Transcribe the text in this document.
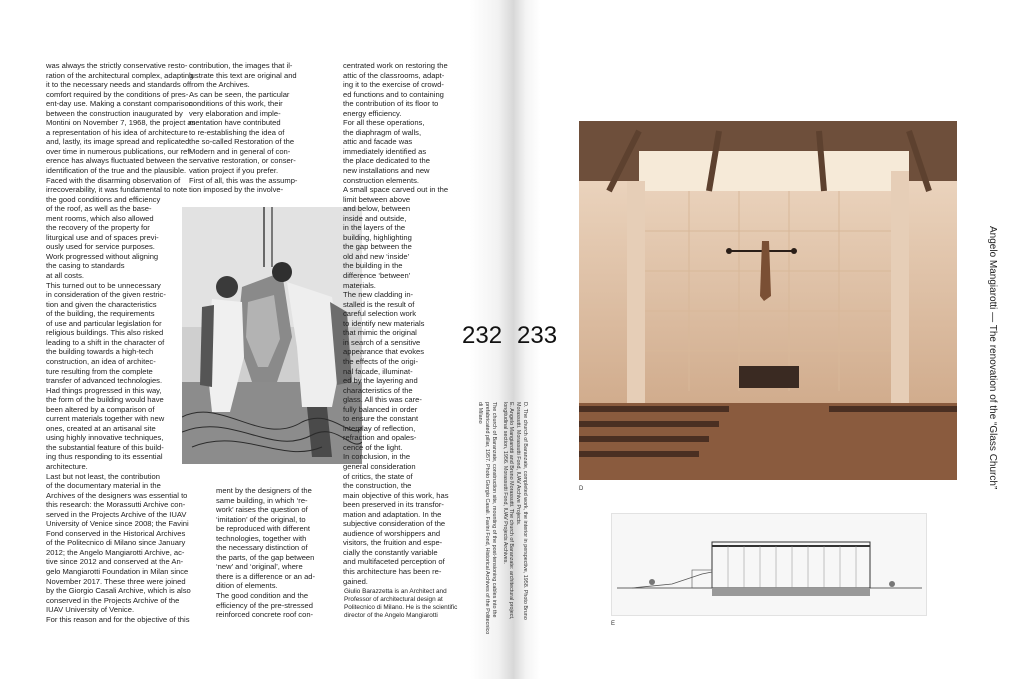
was always the strictly conservative resto-

ration of the architectural complex, adapting

it to the necessary needs and standards of

comfort required by the conditions of pres-

ent-day use. Making a constant comparison

between the construction inaugurated by

Montini on November 7, 1968, the project as

a representation of his idea of architecture

and, lastly, its image spread and replicated

over time in numerous publications, our ref-

erence has always fluctuated between the

identification of the true and the plausible.

Faced with the disarming observation of

irrecoverability, it was fundamental to note

the good conditions and efficiency

of the roof, as well as the base-

ment rooms, which also allowed

the recovery of the property for

liturgical use and of spaces previ-

ously used for service purposes.

Work progressed without aligning

the casing to standards

at all costs.

This turned out to be unnecessary

in consideration of the given restric-

tion and given the characteristics

of the building, the requirements

of use and particular legislation for

religious buildings. This also risked

leading to a shift in the character of

the building towards a high-tech

construction, an idea of architec-

ture resulting from the complete

transfer of advanced technologies.

Had things progressed in this way,

the form of the building would have

been altered by a comparison of

current materials together with new

ones, created at an artisanal site

using highly innovative techniques,

the substantial feature of this build-

ing thus responding to its essential

architecture.

Last but not least, the contribution

of the documentary material in the

Archives of the designers was essential to

this research: the Morassutti Archive con-

served in the Projects Archive of the IUAV

University of Venice since 2008; the Favini

Fond conserved in the Historical Archives

of the Politecnico di Milano since January

2012; the Angelo Mangiarotti Archive, ac-

tive since 2012 and conserved at the An-

gelo Mangiarotti Foundation in Milan since

November 2017. These three were joined

by the Giorgio Casali Archive, which is also

conserved in the Projects Archive of the

IUAV University of Venice.

For this reason and for the objective of this

contribution, the images that il-

lustrate this text are original and

from the Archives.

As can be seen, the particular

conditions of this work, their

very elaboration and imple-

mentation have contributed

to re-establishing the idea of

the so-called Restoration of the

Modern and in general of con-

servative restoration, or conser-

vation project if you prefer.

First of all, this was the assump-

tion imposed by the involve-

ment by the designers of the

same building, in which ‘re-

work’ raises the question of

‘imitation’ of the original, to

be reproduced with different

technologies, together with

the necessary distinction of

the parts, of the gap between

‘new’ and ‘original’, where

there is a difference or an ad-

dition of elements.

The good condition and the

efficiency of the pre-stressed

reinforced concrete roof con-

centrated work on restoring the

attic of the classrooms, adapt-

ing it to the exercise of crowd-

ed functions and to containing

the contribution of its floor to

energy efficiency.

For all these operations,

the diaphragm of walls,

attic and facade was

immediately identified as

the place dedicated to the

new installations and new

construction elements.

A small space carved out in the

limit between above

and below, between

inside and outside,

in the layers of the

building, highlighting

the gap between the

old and new ‘inside’

the building in the

difference ‘between’

materials.

The new cladding in-

stalled is the result of

careful selection work

to identify new materials

that mimic the original

in search of a sensitive

appearance that evokes

the effects of the origi-

nal facade, illuminat-

ed by the layering and

characteristics of the

glass. All this was care-

fully balanced in order

to ensure the constant

interplay of reflection,

refraction and opales-

cence of the light.

In conclusion, in the

general consideration

of critics, the state of

the construction, the

main objective of this work, has

been preserved in its transfor-

mation and adaptation. In the

subjective consideration of the

audience of worshippers and

visitors, the fruition and espe-

cially the constantly variable

and multifaceted perception of

this architecture has been re-

gained.

Giulio Barazzetta is an Architect and

Professor of architectural design at

Politecnico di Milano. He is the scientific

director of the Angelo Mangiarotti

232 233

The church of Baranzate, construction site, mounting of the post-tensioning cables into the

prefabricated pillar, 1957. Photo Giorgio Casali. Favini Fond, Historical Archives of the Politecnico

di Milano	D. The church of Baranzate, completed work, the interior in perspective, 1958. Photo Bruno

Morassutti. Morassutti Fond, IUAV Archive Projects.

E. Angelo Mangiarotti and Bruno Morassutti. The church of Baranzate: architectural project,

longitudinal section, 1956. Morassutti Fond, IUAV Projects Archives.	D
E
Angelo Mangiarotti — The renovation of the “Glass Church”
